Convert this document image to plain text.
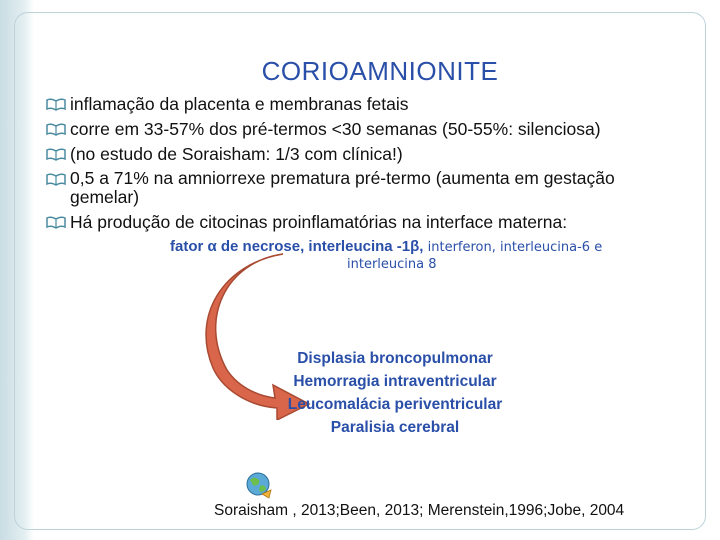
CORIOAMNIONITE
inflamação da placenta e membranas fetais
corre em 33-57% dos pré-termos <30 semanas (50-55%: silenciosa)
(no estudo de Soraisham: 1/3 com clínica!)
0,5 a 71% na amniorrexe prematura pré-termo (aumenta em gestação
gemelar)
Há produção de citocinas proinflamatórias na interface materna:
fator α de necrose, interleucina -1β, interferon, interleucina-6 e
interleucina 8
Displasia broncopulmonar
Hemorragia intraventricular
Leucomalácia periventricular
Paralisia cerebral
Soraisham , 2013;Been, 2013; Merenstein,1996;Jobe, 2004
